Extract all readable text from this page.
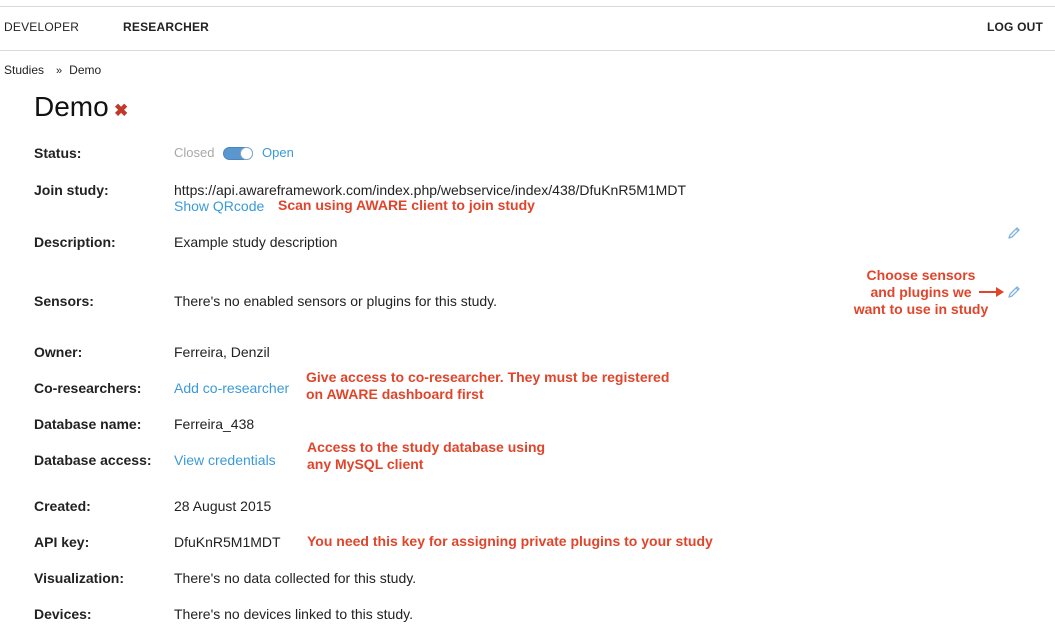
DEVELOPER	RESEARCHER	LOG OUT
Studies » Demo
Demo ✖
Status:	Closed	Open
Join study:	https://api.awareframework.com/index.php/webservice/index/438/DfuKnR5M1MDT
Show QRcode Scan using AWARE client to join study
Description:	Example study description
Sensors:	There's no enabled sensors or plugins for this study.
Choose sensors
and plugins we
want to use in study
Owner:	Ferreira, Denzil
Co-researchers: Add co-researcher
Give access to co-researcher. They must be registered
on AWARE dashboard first
Database name: Ferreira_438
Database access: View credentials
Access to the study database using
any MySQL client
Created:	28 August 2015
API key:	DfuKnR5M1MDT You need this key for assigning private plugins to your study
Visualization:	There's no data collected for this study.
Devices:	There's no devices linked to this study.
